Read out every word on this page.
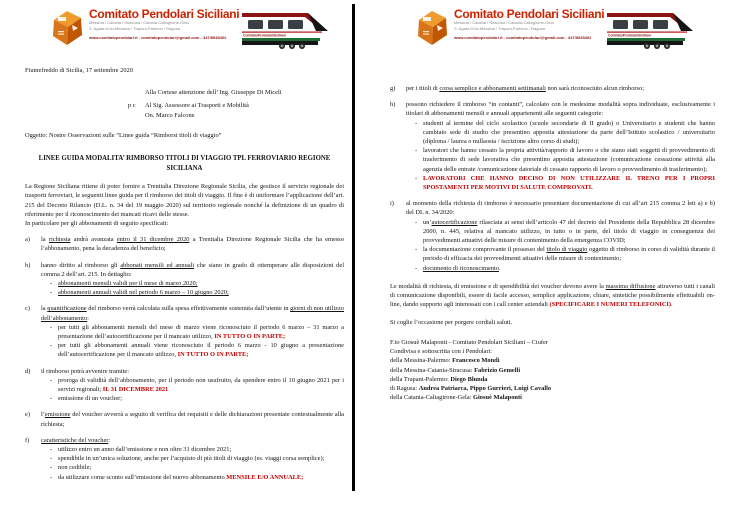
Comitato Pendolari Siciliani
Messina / Catania / Siracusa / Catania-Caltagirone-Gela
S. Agata M.llo-Messina / Trapani-Palermo / Ragusa
www.comitatopendolari.it - comitatopendolari@gmail.com - 347/8545402	ComitatoPendolariSiciliani
Fiumefreddo di Sicilia, 17 settembre 2020
Alla Cortese attenzione dell’ Ing. Giuseppe Di Miceli
p c	Al Sig. Assessore ai Trasporti e Mobilità
On. Marco Falcone
Oggetto: Nostre Osservazioni sulle “Linee guida “Rimborsi titoli di viaggio”
LINEE GUIDA MODALITA’ RIMBORSO TITOLI DI VIAGGIO TPL FERROVIARIO REGIONE SICILIANA
La Regione Siciliana ritiene di poter fornire a Trenitalia Direzione Regionale Sicilia, che gestisce il servizio regionale dei trasporti ferroviari, le seguenti linee guida per il rimborso dei titoli di viaggio. Il fine è di uniformare l’applicazione dell’art. 215 del Decreto Rilancio (D.L. n. 34 del 19 maggio 2020) sul territorio regionale nonché la definizione di un quadro di riferimento per il riconoscimento dei mancati ricavi delle stesse.
In particolare per gli abbonamenti di seguito specificati:
a)	la richiesta andrà avanzata entro il 31 dicembre 2020 a Trenitalia Direzione Regionale Sicilia che ha emesso l’abbonamento, pena la decadenza del beneficio;
b)	hanno diritto al rimborso gli abbonati mensili ed annuali che siano in grado di ottemperare alle disposizioni del comma 2 dell’art. 215. In dettaglio:
- abbonamenti mensili validi per il mese di marzo 2020;
- abbonamenti annuali validi nel periodo 6 marzo – 10 giugno 2020;
c)	la quantificazione del rimborso verrà calcolata sulla spesa effettivamente sostenuta dall’utente in giorni di non utilizzo dell’abbonamento:
- per tutti gli abbonamenti mensili del mese di marzo viene riconosciuto il periodo 6 marzo – 31 marzo a presentazione dell’autocertificazione per il mancato utilizzo, IN TUTTO O IN PARTE;
- per tutti gli abbonamenti annuali viene riconosciuto il periodo 6 marzo - 10 giugno a presentazione dell’autocertificazione per il mancato utilizzo, IN TUTTO O IN PARTE;
d)	il rimborso potrà avvenire tramite:
- proroga di validità dell’abbonamento, per il periodo non usufruito, da spendere entro il 10 giugno 2021 per i servizi regionali; IL 31 DICEMBRE 2021
- emissione di un voucher;
e)	l’emissione del voucher avverrà a seguito di verifica dei requisiti e delle dichiarazioni presentate contestualmente alla richiesta;
f)	caratteristiche del voucher:
- utilizzo entro un anno dall’emissione e non oltre 31 dicembre 2021;
- spendibile in un’unica soluzione, anche per l’acquisto di più titoli di viaggio (es. viaggi corsa semplice);
- non cedibile;
- da utilizzare come sconto sull’emissione del nuovo abbonamento MENSILE E/O ANNUALE;
Comitato Pendolari Siciliani
Messina / Catania / Siracusa / Catania-Caltagirone-Gela
S. Agata M.llo-Messina / Trapani-Palermo / Ragusa
www.comitatopendolari.it - comitatopendolari@gmail.com - 347/8545402	ComitatoPendolariSiciliani
g)	per i titoli di corsa semplice e abbonamenti settimanali non sarà riconosciuto alcun rimborso;
h)	possono richiedere il rimborso “in contanti”, calcolato con le medesime modalità sopra individuate, esclusivamente i titolari di abbonamenti mensili e annuali appartenenti alle seguenti categorie:
- studenti al termine del ciclo scolastico (scuole secondarie di II grado) o Universitario e studenti che hanno cambiato sede di studio che presentino apposita attestazione da parte dell’Istituto scolastico / universitario (diploma / laurea o nullaosta / iscrizione altro corso di studi);
- lavoratori che hanno cessato la propria attività/rapporto di lavoro o che siano stati soggetti di provvedimento di trasferimento di sede lavorativa che presentino apposita attestazione (comunicazione cessazione attività alla agenzia delle entrate /comunicazione datoriale di cessato rapporto di lavoro o provvedimento di trasferimento);
- LAVORATORI CHE HANNO DECISO DI NON UTILIZZARE IL TRENO PER I PROPRI SPOSTAMENTI PER MOTIVI DI SALUTE COMPROVATI.
i)	al momento della richiesta di rimborso è necessario presentare documentazione di cui all’art 215 comma 2 lett a) e b) del DL n. 34/2020:
- un’autocertificazione rilasciata ai sensi dell’articolo 47 del decreto del Presidente della Repubblica 28 dicembre 2000, n. 445, relativa al mancato utilizzo, in tutto o in parte, del titolo di viaggio in conseguenza dei provvedimenti attuativi delle misure di contenimento della emergenza COVID;
- la documentazione comprovante il possesso del titolo di viaggio oggetto di rimborso in corso di validità durante il periodo di efficacia dei provvedimenti attuativi delle misure di contenimento;
- documento di riconoscimento.
Le modalità di richiesta, di emissione e di spendibilità dei voucher devono avere la massima diffusione attraverso tutti i canali di comunicazione disponibili, essere di facile accesso, semplice applicazione, chiare, sintetiche possibilmente effettuabili on-line, dando supporto agli interessati con i call center aziendali (SPECIFICARE I NUMERI TELEFONICI).
Si coglie l’occasione per porgere cordiali saluti.
F.to Giosuè Malaponti - Comitato Pendolari Siciliani – Ciufer
Condivisa e sottoscritta con i Pendolari:
della Messina-Palermo: Francesco Mondì
della Messina-Catania-Siracusa: Fabrizio Gemelli
della Trapani-Palermo: Diego Blunda
di Ragusa: Andrea Patriarca, Pippo Gurrieri, Luigi Cavallo
della Catania-Caltagirone-Gela: Giosuè Malaponti
